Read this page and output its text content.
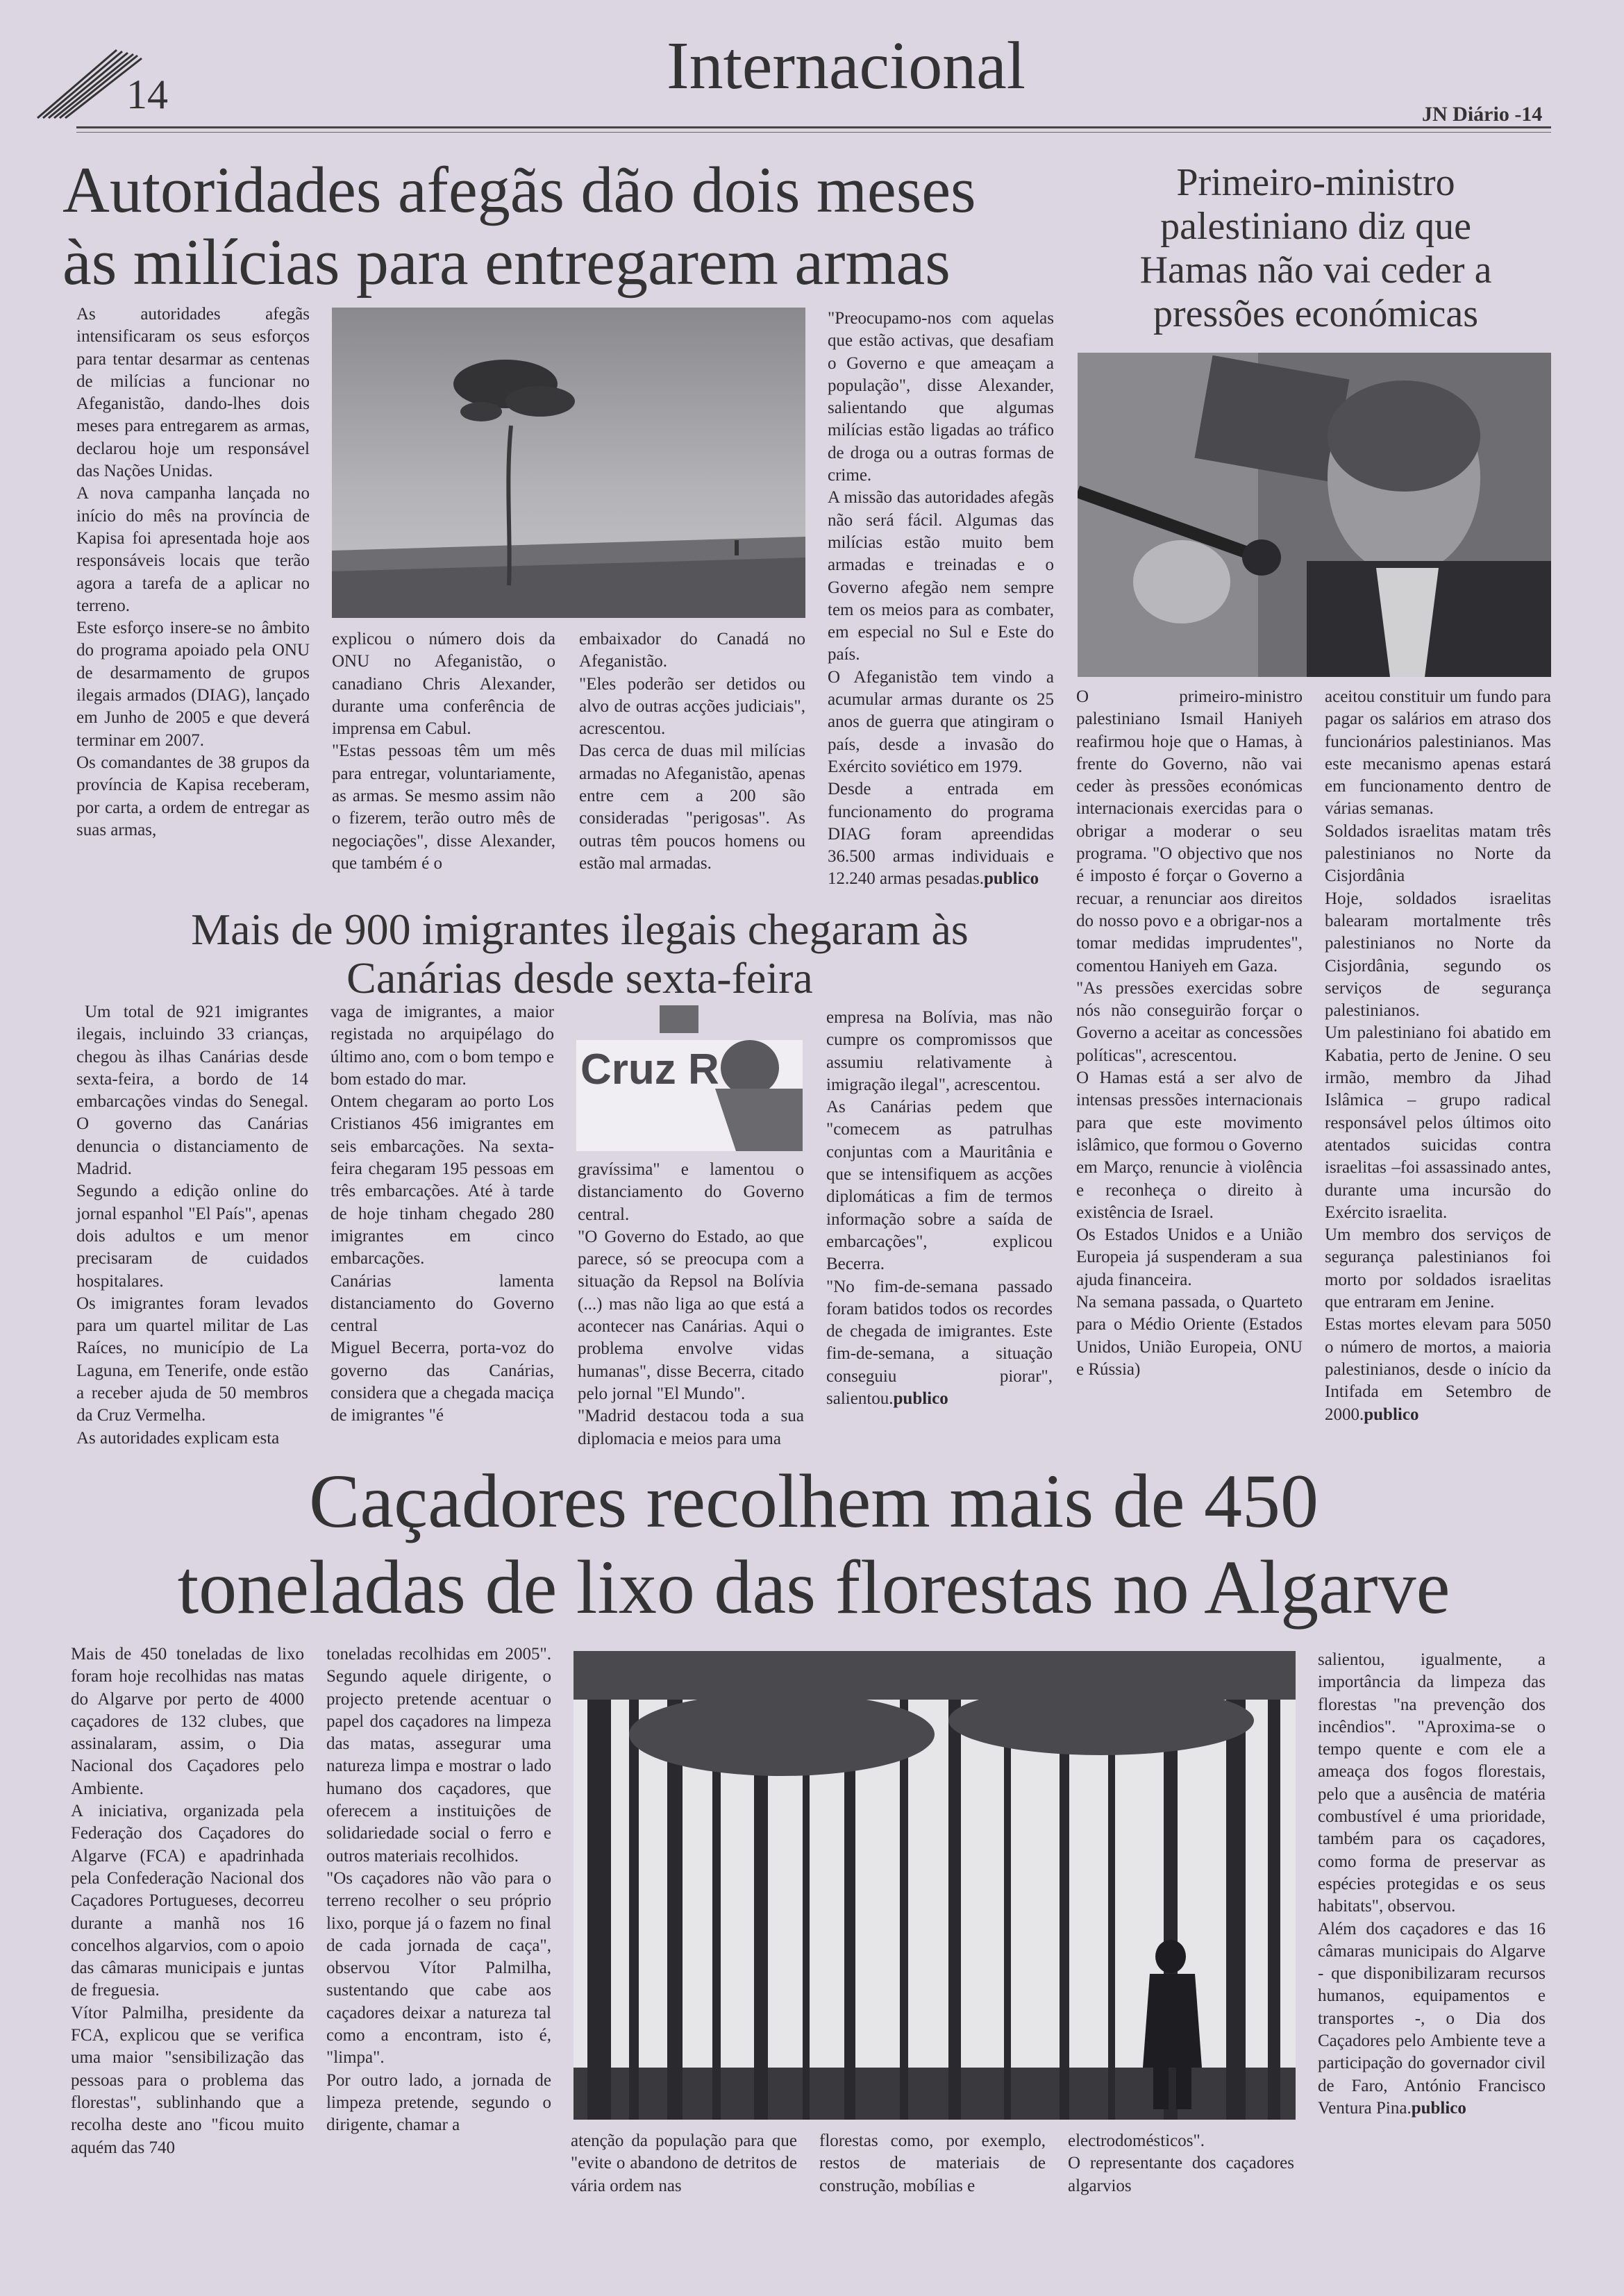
14	Internacional
JN Diário -14
Autoridades afegãs dão dois meses
às milícias para entregarem armas

As autoridades afegãs intensificaram os seus esforços para tentar desarmar as centenas de milícias a funcionar no Afeganistão, dando-lhes dois meses para entregarem as armas, declarou hoje um responsável das Nações Unidas.

A nova campanha lançada no início do mês na província de Kapisa foi apresentada hoje aos responsáveis locais que terão agora a tarefa de a aplicar no terreno.

Este esforço insere-se no âmbito do programa apoiado pela ONU de desarmamento de grupos ilegais armados (DIAG), lançado em Junho de 2005 e que deverá terminar em 2007.

Os comandantes de 38 grupos da província de Kapisa receberam, por carta, a ordem de entregar as suas armas,

explicou o número dois da ONU no Afeganistão, o canadiano Chris Alexander, durante uma conferência de imprensa em Cabul.

"Estas pessoas têm um mês para entregar, voluntariamente, as armas. Se mesmo assim não o fizerem, terão outro mês de negociações", disse Alexander, que também é o

embaixador do Canadá no Afeganistão.

"Eles poderão ser detidos ou alvo de outras acções judiciais", acrescentou.

Das cerca de duas mil milícias armadas no Afeganistão, apenas entre cem a 200 são consideradas "perigosas". As outras têm poucos homens ou estão mal armadas.

"Preocupamo-nos com aquelas que estão activas, que desafiam o Governo e que ameaçam a população", disse Alexander, salientando que algumas milícias estão ligadas ao tráfico de droga ou a outras formas de crime.

A missão das autoridades afegãs não será fácil. Algumas das milícias estão muito bem armadas e treinadas e o Governo afegão nem sempre tem os meios para as combater, em especial no Sul e Este do país.

O Afeganistão tem vindo a acumular armas durante os 25 anos de guerra que atingiram o país, desde a invasão do Exército soviético em 1979.

Desde a entrada em funcionamento do programa DIAG foram apreendidas 36.500 armas individuais e 12.240 armas pesadas.publico

Primeiro-ministro
palestiniano diz que
Hamas não vai ceder a
pressões económicas

O primeiro-ministro palestiniano Ismail Haniyeh reafirmou hoje que o Hamas, à frente do Governo, não vai ceder às pressões económicas internacionais exercidas para o obrigar a moderar o seu programa. "O objectivo que nos é imposto é forçar o Governo a recuar, a renunciar aos direitos do nosso povo e a obrigar-nos a tomar medidas imprudentes", comentou Haniyeh em Gaza.

"As pressões exercidas sobre nós não conseguirão forçar o Governo a aceitar as concessões políticas", acrescentou.

O Hamas está a ser alvo de intensas pressões internacionais para que este movimento islâmico, que formou o Governo em Março, renuncie à violência e reconheça o direito à existência de Israel.

Os Estados Unidos e a União Europeia já suspenderam a sua ajuda financeira.

Na semana passada, o Quarteto para o Médio Oriente (Estados Unidos, União Europeia, ONU e Rússia)

aceitou constituir um fundo para pagar os salários em atraso dos funcionários palestinianos. Mas este mecanismo apenas estará em funcionamento dentro de várias semanas.

Soldados israelitas matam três palestinianos no Norte da Cisjordânia

Hoje, soldados israelitas balearam mortalmente três palestinianos no Norte da Cisjordânia, segundo os serviços de segurança palestinianos.

Um palestiniano foi abatido em Kabatia, perto de Jenine. O seu irmão, membro da Jihad Islâmica – grupo radical responsável pelos últimos oito atentados suicidas contra israelitas –foi assassinado antes, durante uma incursão do Exército israelita.

Um membro dos serviços de segurança palestinianos foi morto por soldados israelitas que entraram em Jenine.

Estas mortes elevam para 5050 o número de mortos, a maioria palestinianos, desde o início da Intifada em Setembro de 2000.publico

Mais de 900 imigrantes ilegais chegaram às
Canárias desde sexta-feira

Um total de 921 imigrantes ilegais, incluindo 33 crianças, chegou às ilhas Canárias desde sexta-feira, a bordo de 14 embarcações vindas do Senegal. O governo das Canárias denuncia o distanciamento de Madrid.

Segundo a edição online do jornal espanhol "El País", apenas dois adultos e um menor precisaram de cuidados hospitalares.

Os imigrantes foram levados para um quartel militar de Las Raíces, no município de La Laguna, em Tenerife, onde estão a receber ajuda de 50 membros da Cruz Vermelha.

As autoridades explicam esta

vaga de imigrantes, a maior registada no arquipélago do último ano, com o bom tempo e bom estado do mar.

Ontem chegaram ao porto Los Cristianos 456 imigrantes em seis embarcações. Na sexta-feira chegaram 195 pessoas em três embarcações. Até à tarde de hoje tinham chegado 280 imigrantes em cinco embarcações.

Canárias lamenta distanciamento do Governo central

Miguel Becerra, porta-voz do governo das Canárias, considera que a chegada maciça de imigrantes "é

Cruz R

gravíssima" e lamentou o distanciamento do Governo central.

"O Governo do Estado, ao que parece, só se preocupa com a situação da Repsol na Bolívia (...) mas não liga ao que está a acontecer nas Canárias. Aqui o problema envolve vidas humanas", disse Becerra, citado pelo jornal "El Mundo".

"Madrid destacou toda a sua diplomacia e meios para uma

empresa na Bolívia, mas não cumpre os compromissos que assumiu relativamente à imigração ilegal", acrescentou.

As Canárias pedem que "comecem as patrulhas conjuntas com a Mauritânia e que se intensifiquem as acções diplomáticas a fim de termos informação sobre a saída de embarcações", explicou Becerra.

"No fim-de-semana passado foram batidos todos os recordes de chegada de imigrantes. Este fim-de-semana, a situação conseguiu piorar", salientou.publico

Caçadores recolhem mais de 450
toneladas de lixo das florestas no Algarve

Mais de 450 toneladas de lixo foram hoje recolhidas nas matas do Algarve por perto de 4000 caçadores de 132 clubes, que assinalaram, assim, o Dia Nacional dos Caçadores pelo Ambiente.

A iniciativa, organizada pela Federação dos Caçadores do Algarve (FCA) e apadrinhada pela Confederação Nacional dos Caçadores Portugueses, decorreu durante a manhã nos 16 concelhos algarvios, com o apoio das câmaras municipais e juntas de freguesia.

Vítor Palmilha, presidente da FCA, explicou que se verifica uma maior "sensibilização das pessoas para o problema das florestas", sublinhando que a recolha deste ano "ficou muito aquém das 740

toneladas recolhidas em 2005". Segundo aquele dirigente, o projecto pretende acentuar o papel dos caçadores na limpeza das matas, assegurar uma natureza limpa e mostrar o lado humano dos caçadores, que oferecem a instituições de solidariedade social o ferro e outros materiais recolhidos.

"Os caçadores não vão para o terreno recolher o seu próprio lixo, porque já o fazem no final de cada jornada de caça", observou Vítor Palmilha, sustentando que cabe aos caçadores deixar a natureza tal como a encontram, isto é, "limpa".

Por outro lado, a jornada de limpeza pretende, segundo o dirigente, chamar a

atenção da população para que "evite o abandono de detritos de vária ordem nas

florestas como, por exemplo, restos de materiais de construção, mobílias e

electrodomésticos".

O representante dos caçadores algarvios

salientou, igualmente, a importância da limpeza das florestas "na prevenção dos incêndios". "Aproxima-se o tempo quente e com ele a ameaça dos fogos florestais, pelo que a ausência de matéria combustível é uma prioridade, também para os caçadores, como forma de preservar as espécies protegidas e os seus habitats", observou.

Além dos caçadores e das 16 câmaras municipais do Algarve - que disponibilizaram recursos humanos, equipamentos e transportes -, o Dia dos Caçadores pelo Ambiente teve a participação do governador civil de Faro, António Francisco Ventura Pina.publico
